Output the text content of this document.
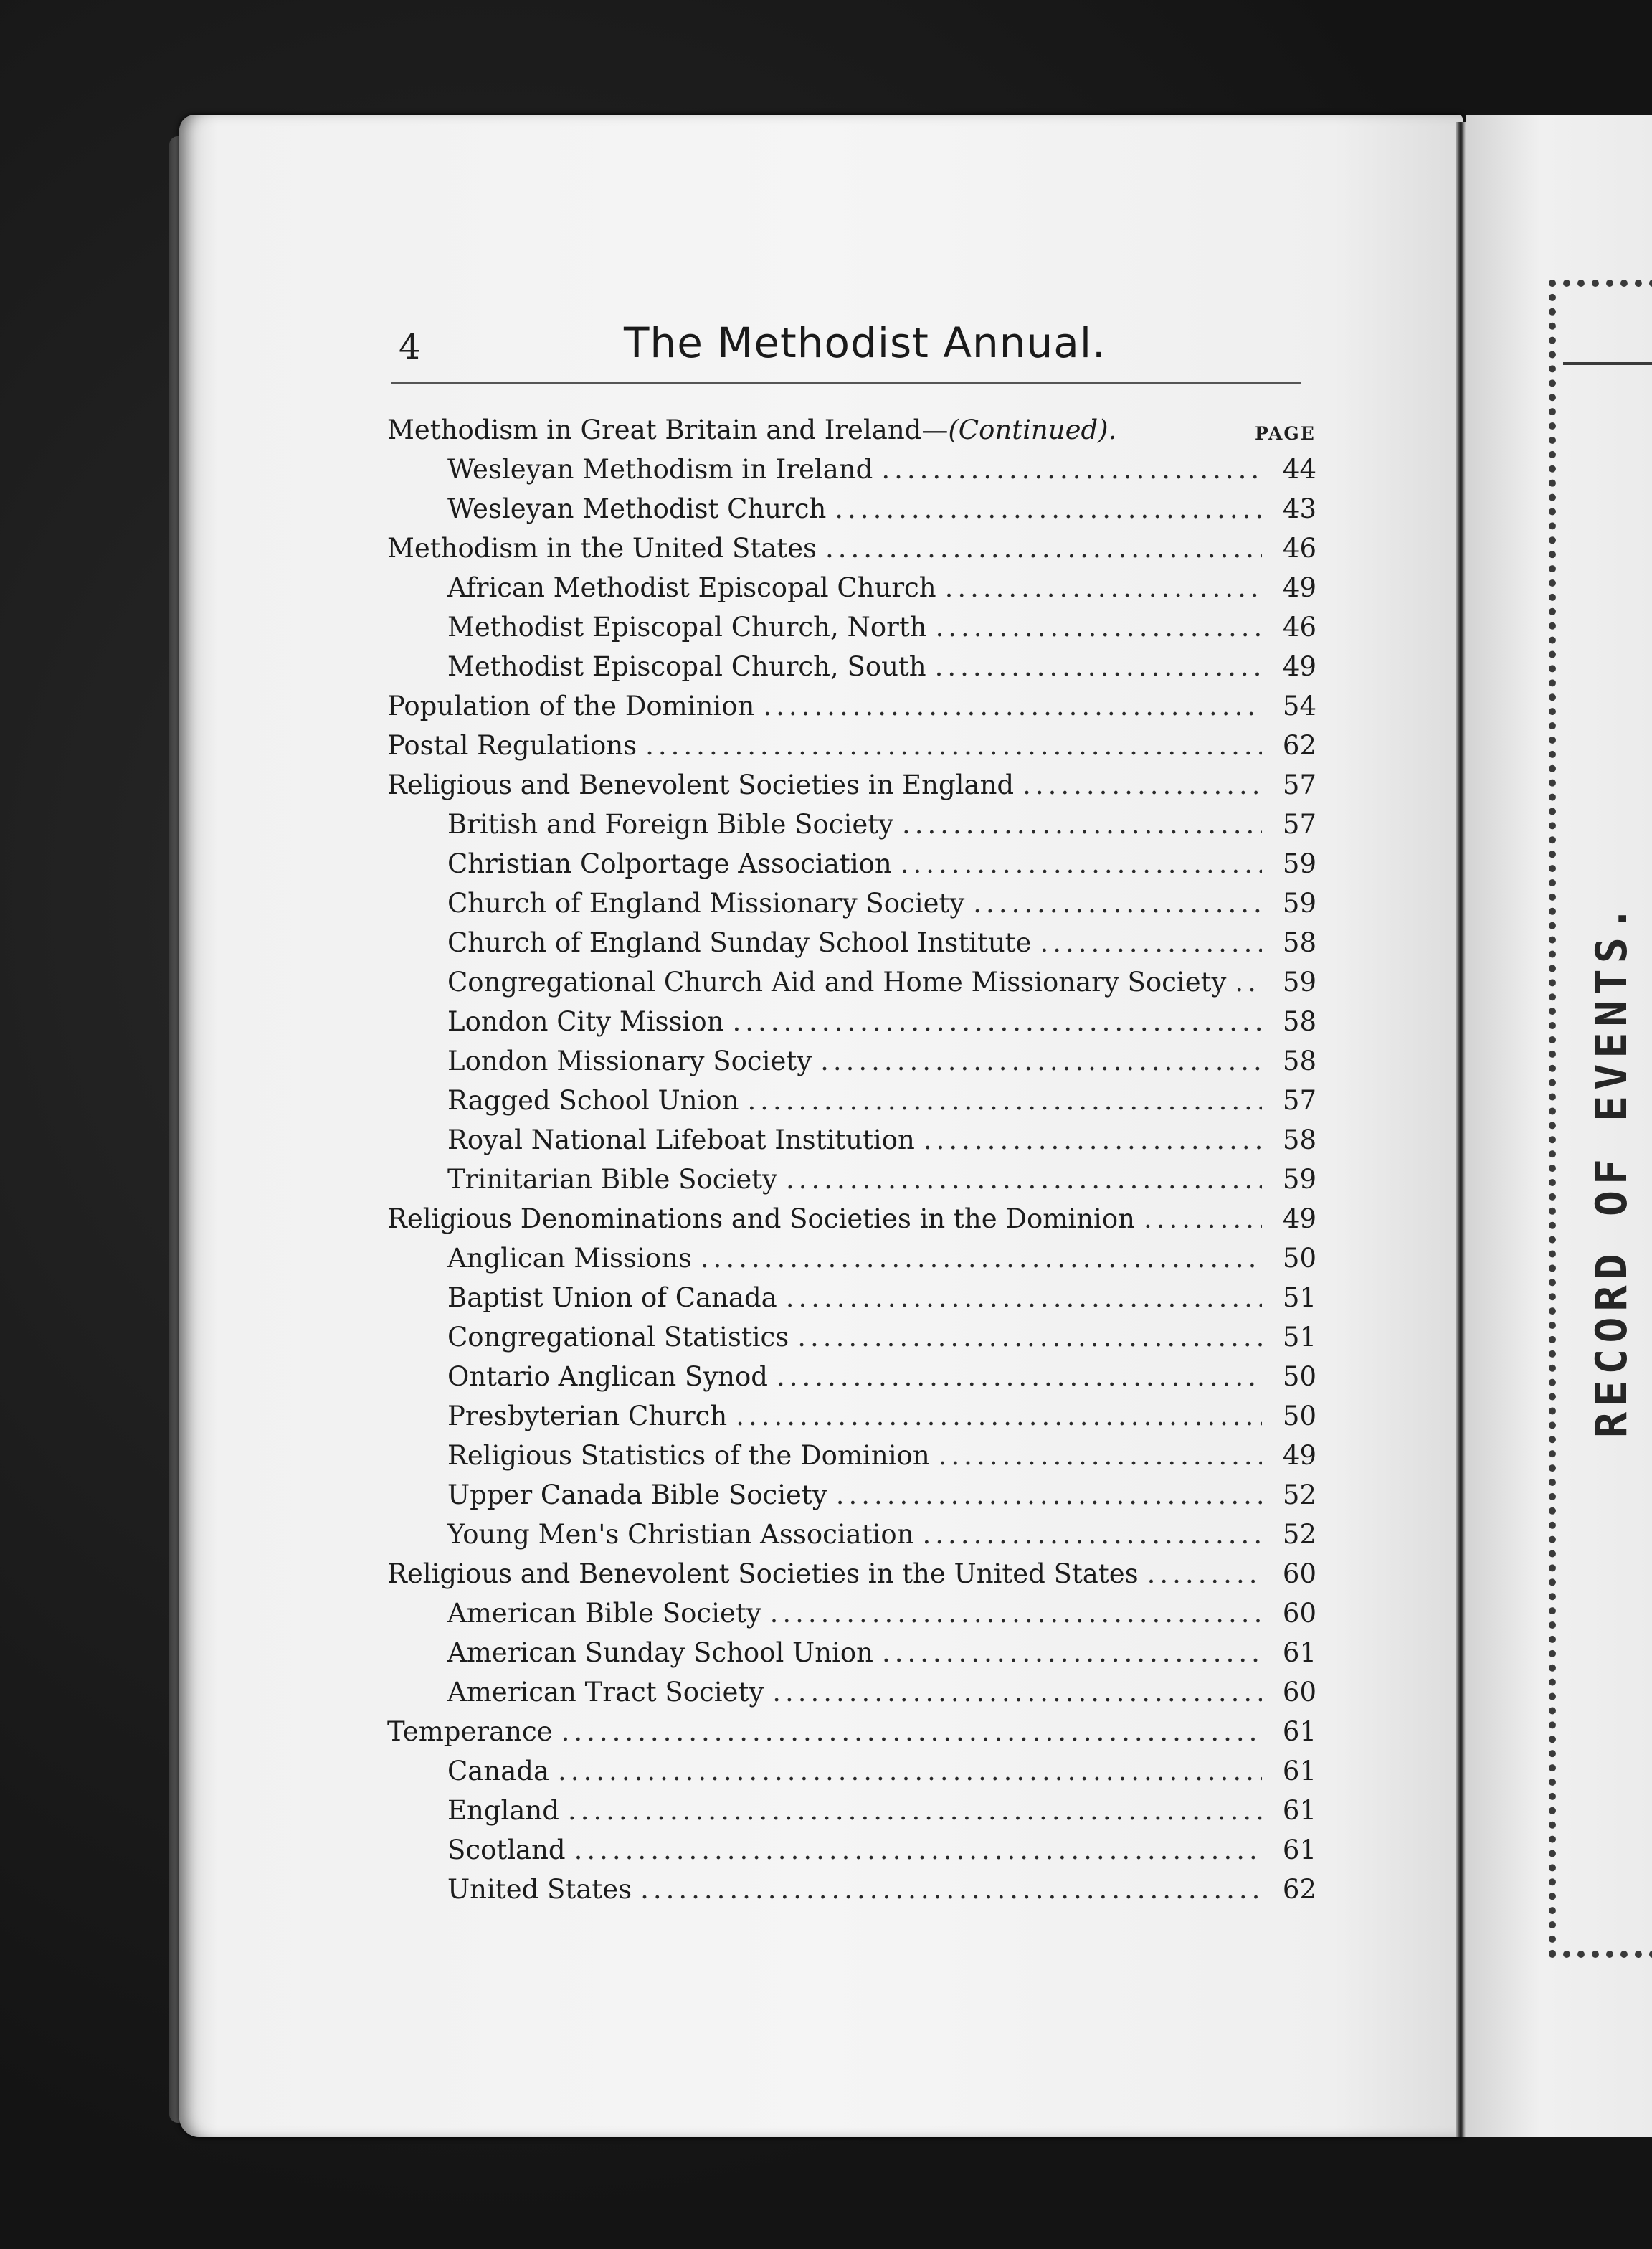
RECORD OF EVENTS.
4	The Methodist Annual.
PAGE
Methodism in Great Britain and Ireland—(Continued).
Wesleyan Methodism in Ireland .....	44
Wesleyan Methodist Church .....	43
Methodism in the United States .....	46
African Methodist Episcopal Church .....	49
Methodist Episcopal Church, North .....	46
Methodist Episcopal Church, South .....	49
Population of the Dominion .....	54
Postal Regulations .....	62
Religious and Benevolent Societies in England .....	57
British and Foreign Bible Society .....	57
Christian Colportage Association .....	59
Church of England Missionary Society .....	59
Church of England Sunday School Institute .....	58
Congregational Church Aid and Home Missionary Society .....	59
London City Mission .....	58
London Missionary Society .....	58
Ragged School Union .....	57
Royal National Lifeboat Institution .....	58
Trinitarian Bible Society .....	59
Religious Denominations and Societies in the Dominion .....	49
Anglican Missions .....	50
Baptist Union of Canada .....	51
Congregational Statistics .....	51
Ontario Anglican Synod .....	50
Presbyterian Church .....	50
Religious Statistics of the Dominion .....	49
Upper Canada Bible Society .....	52
Young Men's Christian Association .....	52
Religious and Benevolent Societies in the United States .....	60
American Bible Society .....	60
American Sunday School Union .....	61
American Tract Society .....	60
Temperance .....	61
Canada .....	61
England .....	61
Scotland .....	61
United States .....	62
